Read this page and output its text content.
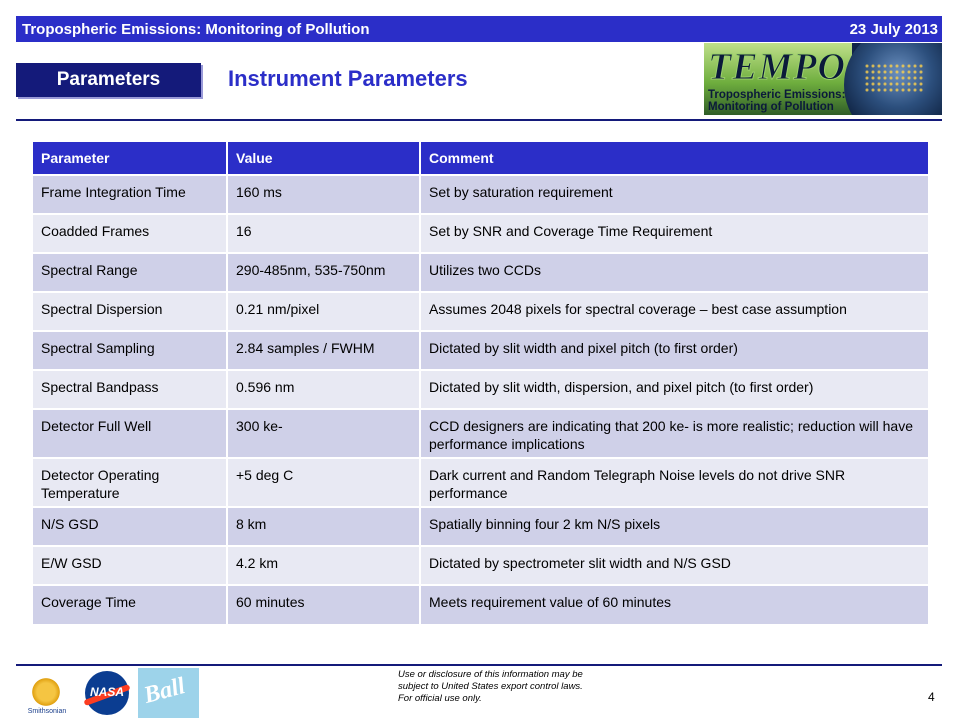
Tropospheric Emissions: Monitoring of Pollution	23 July 2013
Parameters	Instrument Parameters	TEMPO
Tropospheric Emissions:
Monitoring of Pollution
Parameter	Value	Comment
Frame Integration Time	160 ms	Set by saturation requirement
Coadded Frames	16	Set by SNR and Coverage Time Requirement
Spectral Range	290-485nm, 535-750nm	Utilizes two CCDs
Spectral Dispersion	0.21 nm/pixel	Assumes 2048 pixels for spectral coverage – best case assumption
Spectral Sampling	2.84 samples / FWHM	Dictated by slit width and pixel pitch (to first order)
Spectral Bandpass	0.596 nm	Dictated by slit width, dispersion, and pixel pitch (to first order)
Detector Full Well	300 ke-	CCD designers are indicating that 200 ke- is more realistic; reduction will have performance implications
Detector Operating Temperature	+5 deg C	Dark current and Random Telegraph Noise levels do not drive SNR performance
N/S GSD	8 km	Spatially binning four 2 km N/S pixels
E/W GSD	4.2 km	Dictated by spectrometer slit width and N/S GSD
Coverage Time	60 minutes	Meets requirement value of 60 minutes
Smithsonian
NASA Ball	Use or disclosure of this information may be subject to United States export control laws. For official use only.	4
